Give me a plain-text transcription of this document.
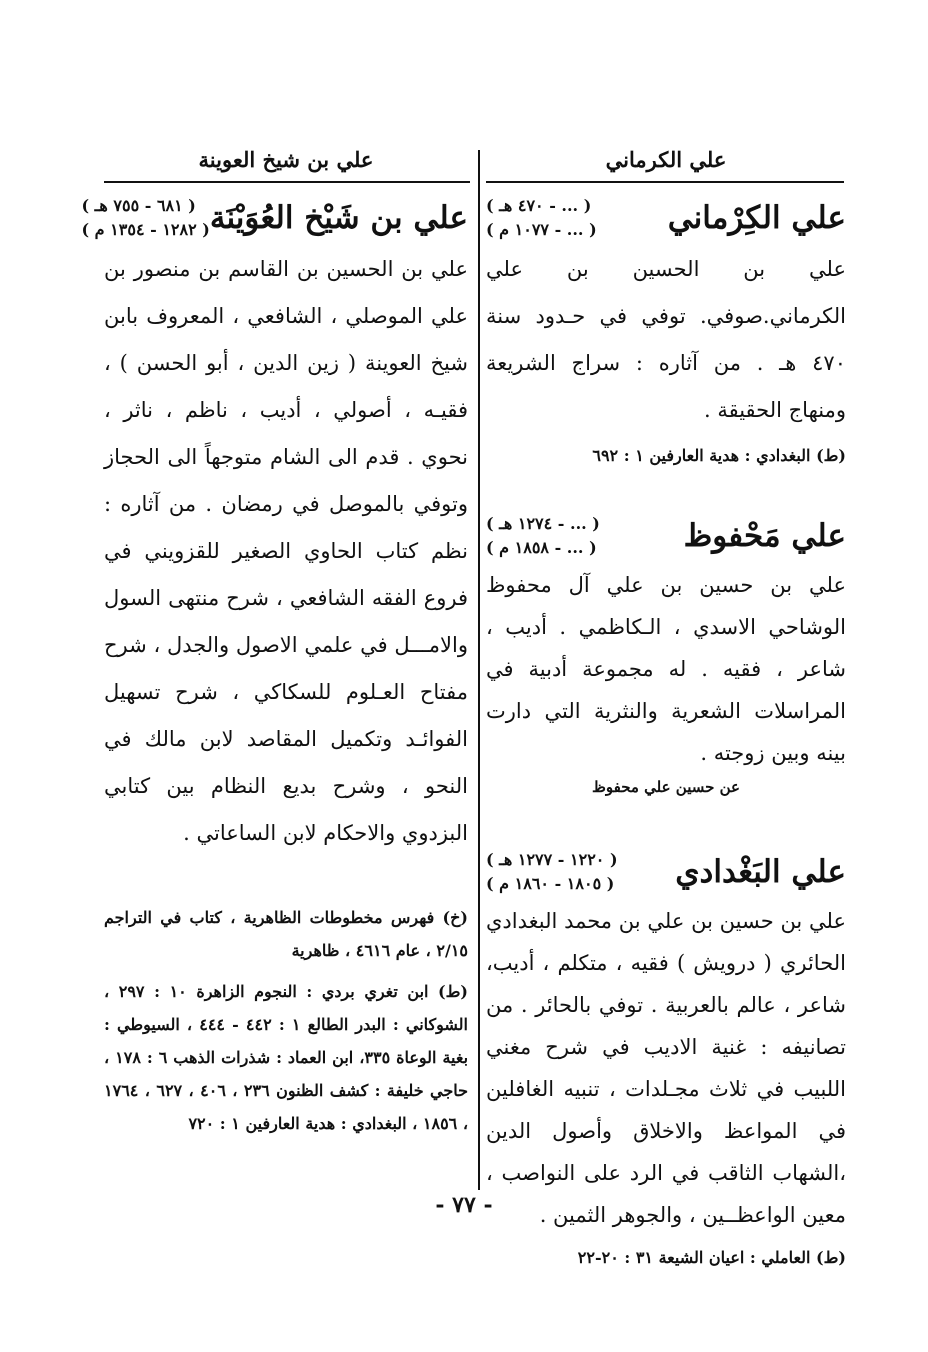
علي الكرماني
علي الكِرْماني
( ... - ٤٧٠ هـ )
( ... - ١٠٧٧ م )
علي بن الحسين بن علي الكرماني.صوفي. توفي في حـدود سنة ٤٧٠ هـ . من آثاره : سراج الشريعة ومنهاج الحقيقة .
(ط) البغدادي : هدية العارفين ١ : ٦٩٢
علي مَحْفوظ
( ... - ١٢٧٤ هـ )
( ... - ١٨٥٨ م )
علي بن حسين بن علي آل محفوظ الوشاحي الاسدي ، الـكاظمي . أديب ، شاعر ، فقيه . له مجموعة أدبية في المراسلات الشعرية والنثرية التي دارت بينه وبين زوجته .
عن حسين علي محفوظ
علي البَغْدادي
( ١٢٢٠ - ١٢٧٧ هـ )
( ١٨٠٥ - ١٨٦٠ م )
علي بن حسين بن علي بن محمد البغدادي الحائري ( درويش ) فقيه ، متكلم ، أديب، شاعر ، عالم بالعربية . توفي بالحائر . من تصانيفه : غنية الاديب في شرح مغني اللبيب في ثلاث مجـلدات ، تنبيه الغافلين في المواعظ والاخلاق وأصول الدين ،الشهاب الثاقب في الرد على النواصب ، معين الواعظــين ، والجوهر الثمين .
(ط) العاملي : اعيان الشيعة ٣١ : ٢٠-٢٢
علي بن شيخ العوينة
علي بن شَيْخ العُوَيْنَة
( ٦٨١ - ٧٥٥ هـ )
( ١٢٨٢ - ١٣٥٤ م )
علي بن الحسين بن القاسم بن منصور بن علي الموصلي ، الشافعي ، المعروف بابن شيخ العوينة ( زين الدين ، أبو الحسن ) ، فقيـه ، أصولي ، أديب ، ناظم ، ناثر ، نحوي . قدم الى الشام متوجهاً الى الحجاز وتوفي بالموصل في رمضان . من آثاره : نظم كتاب الحاوي الصغير للقزويني في فروع الفقه الشافعي ، شرح منتهى السول والامـــل في علمي الاصول والجدل ، شرح مفتاح العـلوم للسكاكي ، شرح تسهيل الفوائـد وتكميل المقاصد لابن مالك في النحو ، وشرح بديع النظام بين كتابي البزدوي والاحكام لابن الساعاتي .
(خ) فهرس مخطوطات الظاهرية ، كتاب في التراجم ٢/١٥ ، عام ٤٦١٦ ، ظاهرية
(ط) ابن تغري بردي : النجوم الزاهرة ١٠ : ٢٩٧ ، الشوكاني : البدر الطالع ١ : ٤٤٢ - ٤٤٤ ، السيوطي : بغية الوعاة ٣٣٥، ابن العماد : شذرات الذهب ٦ : ١٧٨ ، حاجي خليفة : كشف الظنون ٢٣٦ ، ٤٠٦ ، ٦٢٧ ، ١٧٦٤ ، ١٨٥٦ ، البغدادي : هدية العارفين ١ : ٧٢٠
- ٧٧ -
